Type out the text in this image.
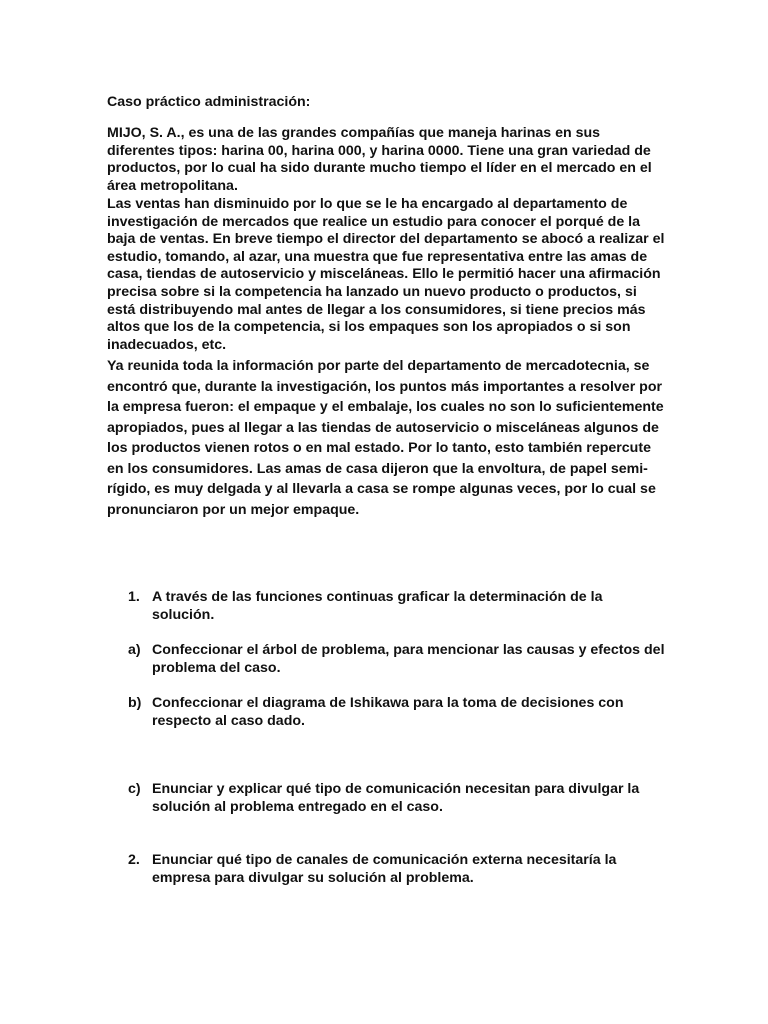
Caso práctico administración:
MIJO, S. A., es una de las grandes compañías que maneja harinas en sus diferentes tipos: harina 00, harina 000, y harina 0000. Tiene una gran variedad de productos, por lo cual ha sido durante mucho tiempo el líder en el mercado en el área metropolitana.
Las ventas han disminuido por lo que se le ha encargado al departamento de investigación de mercados que realice un estudio para conocer el porqué de la baja de ventas. En breve tiempo el director del departamento se abocó a realizar el estudio, tomando, al azar, una muestra que fue representativa entre las amas de casa, tiendas de autoservicio y misceláneas. Ello le permitió hacer una afirmación precisa sobre si la competencia ha lanzado un nuevo producto o productos, si está distribuyendo mal antes de llegar a los consumidores, si tiene precios más altos que los de la competencia, si los empaques son los apropiados o si son inadecuados, etc.
Ya reunida toda la información por parte del departamento de mercadotecnia, se encontró que, durante la investigación, los puntos más importantes a resolver por la empresa fueron: el empaque y el embalaje, los cuales no son lo suficientemente apropiados, pues al llegar a las tiendas de autoservicio o misceláneas algunos de los productos vienen rotos o en mal estado. Por lo tanto, esto también repercute en los consumidores. Las amas de casa dijeron que la envoltura, de papel semi-rígido, es muy delgada y al llevarla a casa se rompe algunas veces, por lo cual se pronunciaron por un mejor empaque.
1. A través de las funciones continuas graficar la determinación de la solución.
a) Confeccionar el árbol de problema, para mencionar las causas y efectos del problema del caso.
b) Confeccionar el diagrama de Ishikawa para la toma de decisiones con respecto al caso dado.
c) Enunciar y explicar qué tipo de comunicación necesitan para divulgar la solución al problema entregado en el caso.
2. Enunciar qué tipo de canales de comunicación externa necesitaría la empresa para divulgar su solución al problema.
